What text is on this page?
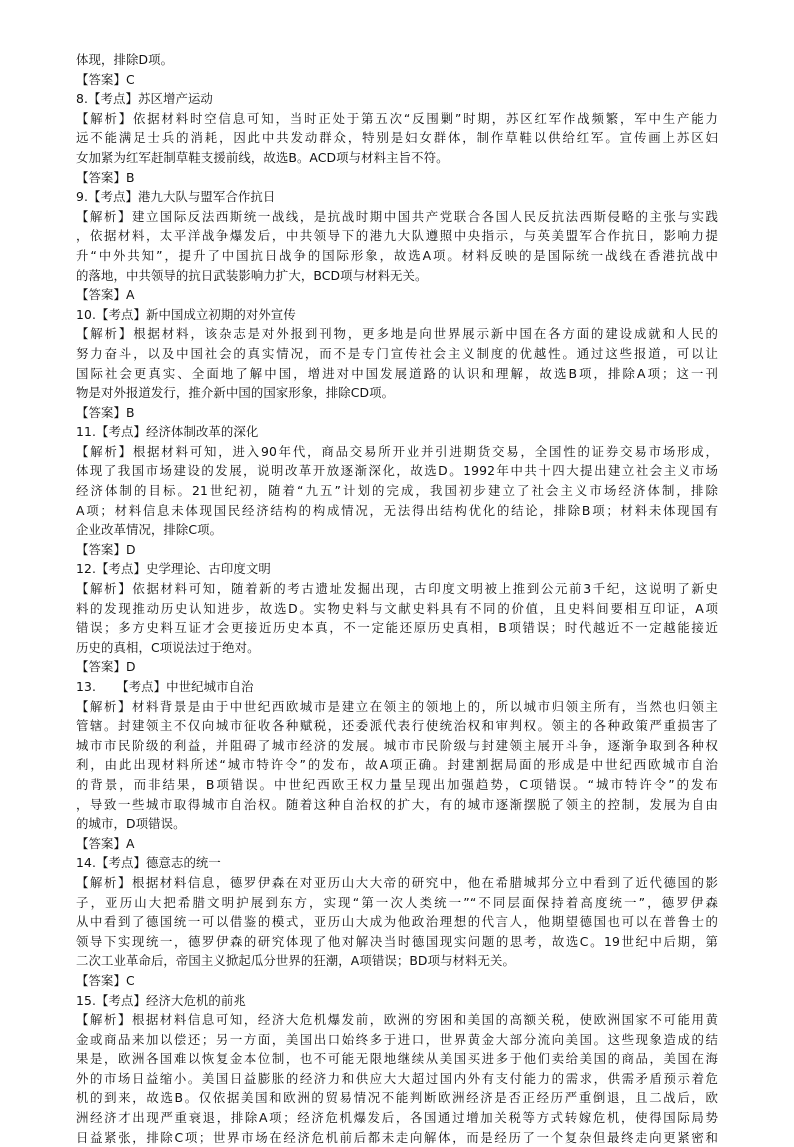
体现，排除D项。
【答案】C
8.【考点】苏区增产运动
【解析】依据材料时空信息可知，当时正处于第五次“反围剿”时期，苏区红军作战频繁，军中生产能力
远不能满足士兵的消耗，因此中共发动群众，特别是妇女群体，制作草鞋以供给红军。宣传画上苏区妇
女加紧为红军赶制草鞋支援前线，故选B。ACD项与材料主旨不符。
【答案】B
9.【考点】港九大队与盟军合作抗日
【解析】建立国际反法西斯统一战线，是抗战时期中国共产党联合各国人民反抗法西斯侵略的主张与实践
，依据材料，太平洋战争爆发后，中共领导下的港九大队遵照中央指示，与英美盟军合作抗日，影响力提
升“中外共知”，提升了中国抗日战争的国际形象，故选A项。材料反映的是国际统一战线在香港抗战中
的落地，中共领导的抗日武装影响力扩大，BCD项与材料无关。
【答案】A
10.【考点】新中国成立初期的对外宣传
【解析】根据材料，该杂志是对外报到刊物，更多地是向世界展示新中国在各方面的建设成就和人民的
努力奋斗，以及中国社会的真实情况，而不是专门宣传社会主义制度的优越性。通过这些报道，可以让
国际社会更真实、全面地了解中国，增进对中国发展道路的认识和理解，故选B项，排除A项；这一刊
物是对外报道发行，推介新中国的国家形象，排除CD项。
【答案】B
11.【考点】经济体制改革的深化
【解析】根据材料可知，进入90年代，商品交易所开业并引进期货交易，全国性的证券交易市场形成，
体现了我国市场建设的发展，说明改革开放逐渐深化，故选D。1992年中共十四大提出建立社会主义市场
经济体制的目标。21世纪初，随着“九五”计划的完成，我国初步建立了社会主义市场经济体制，排除
A项；材料信息未体现国民经济结构的构成情况，无法得出结构优化的结论，排除B项；材料未体现国有
企业改革情况，排除C项。
【答案】D
12.【考点】史学理论、古印度文明
【解析】依据材料可知，随着新的考古遗址发掘出现，古印度文明被上推到公元前3千纪，这说明了新史
料的发现推动历史认知进步，故选D。实物史料与文献史料具有不同的价值，且史料间要相互印证，A项
错误；多方史料互证才会更接近历史本真，不一定能还原历史真相，B项错误；时代越近不一定越能接近
历史的真相，C项说法过于绝对。
【答案】D
13.     【考点】中世纪城市自治
【解析】材料背景是由于中世纪西欧城市是建立在领主的领地上的，所以城市归领主所有，当然也归领主
管辖。封建领主不仅向城市征收各种赋税，还委派代表行使统治权和审判权。领主的各种政策严重损害了
城市市民阶级的利益，并阻碍了城市经济的发展。城市市民阶级与封建领主展开斗争，逐渐争取到各种权
利，由此出现材料所述“城市特许令”的发布，故A项正确。封建割据局面的形成是中世纪西欧城市自治
的背景，而非结果，B项错误。中世纪西欧王权力量呈现出加强趋势，C项错误。“城市特许令”的发布
，导致一些城市取得城市自治权。随着这种自治权的扩大，有的城市逐渐摆脱了领主的控制，发展为自由
的城市，D项错误。
【答案】A
14.【考点】德意志的统一
【解析】根据材料信息，德罗伊森在对亚历山大大帝的研究中，他在希腊城邦分立中看到了近代德国的影
子，亚历山大把希腊文明护展到东方，实现“第一次人类统一”“不同层面保持着高度统一”，德罗伊森
从中看到了德国统一可以借鉴的模式，亚历山大成为他政治理想的代言人，他期望德国也可以在普鲁士的
领导下实现统一，德罗伊森的研究体现了他对解决当时德国现实问题的思考，故选C。19世纪中后期，第
二次工业革命后，帝国主义掀起瓜分世界的狂潮，A项错误；BD项与材料无关。
【答案】C
15.【考点】经济大危机的前兆
【解析】根据材料信息可知，经济大危机爆发前，欧洲的穷困和美国的高额关税，使欧洲国家不可能用黄
金或商品来加以偿还；另一方面，美国出口始终多于进口，世界黄金大部分流向美国。这些现象造成的结
果是，欧洲各国难以恢复金本位制，也不可能无限地继续从美国买进多于他们卖给美国的商品，美国在海
外的市场日益缩小。美国日益膨胀的经济力和供应大大超过国内外有支付能力的需求，供需矛盾预示着危
机的到来，故选B。仅依据美国和欧洲的贸易情况不能判断欧洲经济是否正经历严重倒退，且二战后，欧
洲经济才出现严重衰退，排除A项；经济危机爆发后，各国通过增加关税等方式转嫁危机，使得国际局势
日益紧张，排除C项；世界市场在经济危机前后都未走向解体，而是经历了一个复杂但最终走向更紧密和
